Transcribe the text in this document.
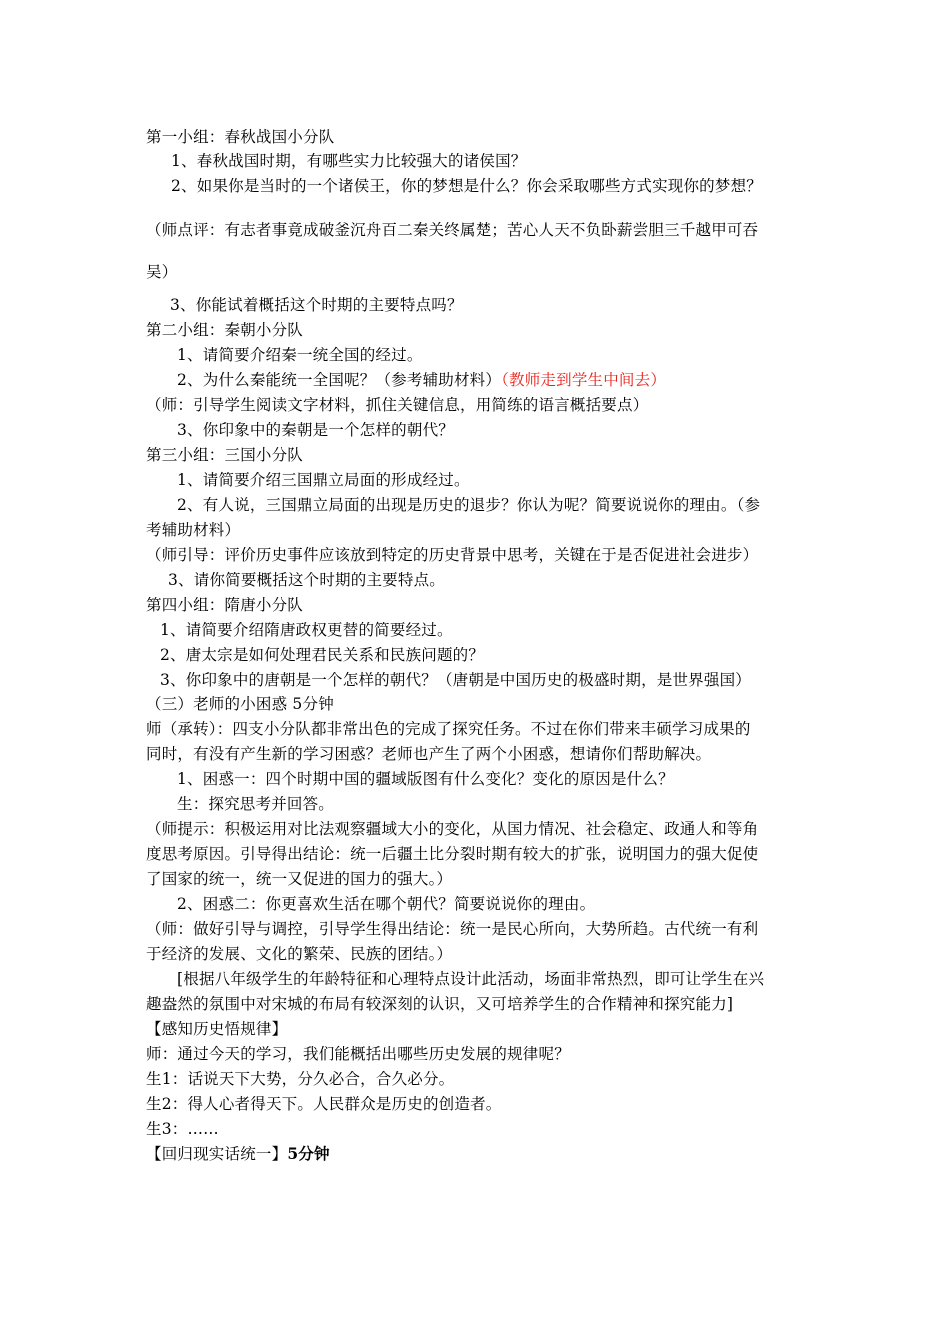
第一小组：春秋战国小分队
1、春秋战国时期，有哪些实力比较强大的诸侯国？
2、如果你是当时的一个诸侯王，你的梦想是什么？你会采取哪些方式实现你的梦想？
（师点评：有志者事竟成破釜沉舟百二秦关终属楚；苦心人天不负卧薪尝胆三千越甲可吞
吴）
3、你能试着概括这个时期的主要特点吗？
第二小组：秦朝小分队
1、请简要介绍秦一统全国的经过。
2、为什么秦能统一全国呢？（参考辅助材料）（教师走到学生中间去）
（师：引导学生阅读文字材料，抓住关键信息，用简练的语言概括要点）
3、你印象中的秦朝是一个怎样的朝代？
第三小组：三国小分队
1、请简要介绍三国鼎立局面的形成经过。
2、有人说，三国鼎立局面的出现是历史的退步？你认为呢？简要说说你的理由。（参
考辅助材料）
（师引导：评价历史事件应该放到特定的历史背景中思考，关键在于是否促进社会进步）
3、请你简要概括这个时期的主要特点。
第四小组：隋唐小分队
1、请简要介绍隋唐政权更替的简要经过。
2、唐太宗是如何处理君民关系和民族问题的？
3、你印象中的唐朝是一个怎样的朝代？（唐朝是中国历史的极盛时期，是世界强国）
（三）老师的小困惑 5分钟
师（承转）：四支小分队都非常出色的完成了探究任务。不过在你们带来丰硕学习成果的
同时，有没有产生新的学习困惑？老师也产生了两个小困惑，想请你们帮助解决。
1、困惑一：四个时期中国的疆域版图有什么变化？变化的原因是什么？
生：探究思考并回答。
（师提示：积极运用对比法观察疆域大小的变化，从国力情况、社会稳定、政通人和等角
度思考原因。引导得出结论：统一后疆土比分裂时期有较大的扩张，说明国力的强大促使
了国家的统一，统一又促进的国力的强大。）
2、困惑二：你更喜欢生活在哪个朝代？简要说说你的理由。
（师：做好引导与调控，引导学生得出结论：统一是民心所向，大势所趋。古代统一有利
于经济的发展、文化的繁荣、民族的团结。）
[根据八年级学生的年龄特征和心理特点设计此活动，场面非常热烈，即可让学生在兴
趣盎然的氛围中对宋城的布局有较深刻的认识，又可培养学生的合作精神和探究能力]
【感知历史悟规律】
师：通过今天的学习，我们能概括出哪些历史发展的规律呢？
生1：话说天下大势，分久必合，合久必分。
生2：得人心者得天下。人民群众是历史的创造者。
生3：……
【回归现实话统一】5分钟
